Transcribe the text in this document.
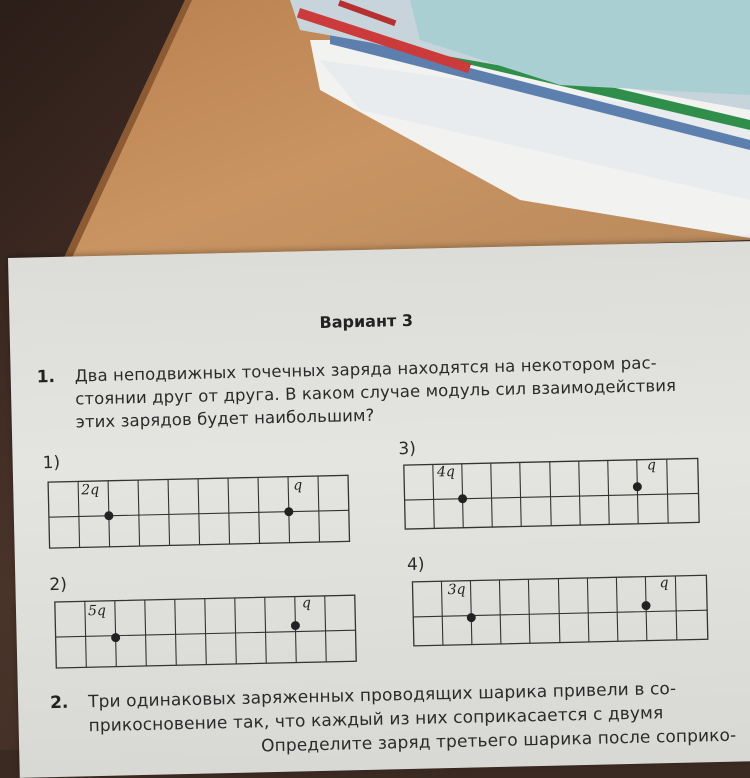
Вариант 3
1. Два неподвижных точечных заряда находятся на некотором рас-
стоянии друг от друга. В каком случае модуль сил взаимодействия
этих зарядов будет наибольшим?
1)
2q	q
3)
4q	q
2)
5q	q
4)
3q	q
2. Три одинаковых заряженных проводящих шарика привели в со-
прикосновение так, что каждый из них соприкасается с двумя
Определите заряд третьего шарика после соприко-
